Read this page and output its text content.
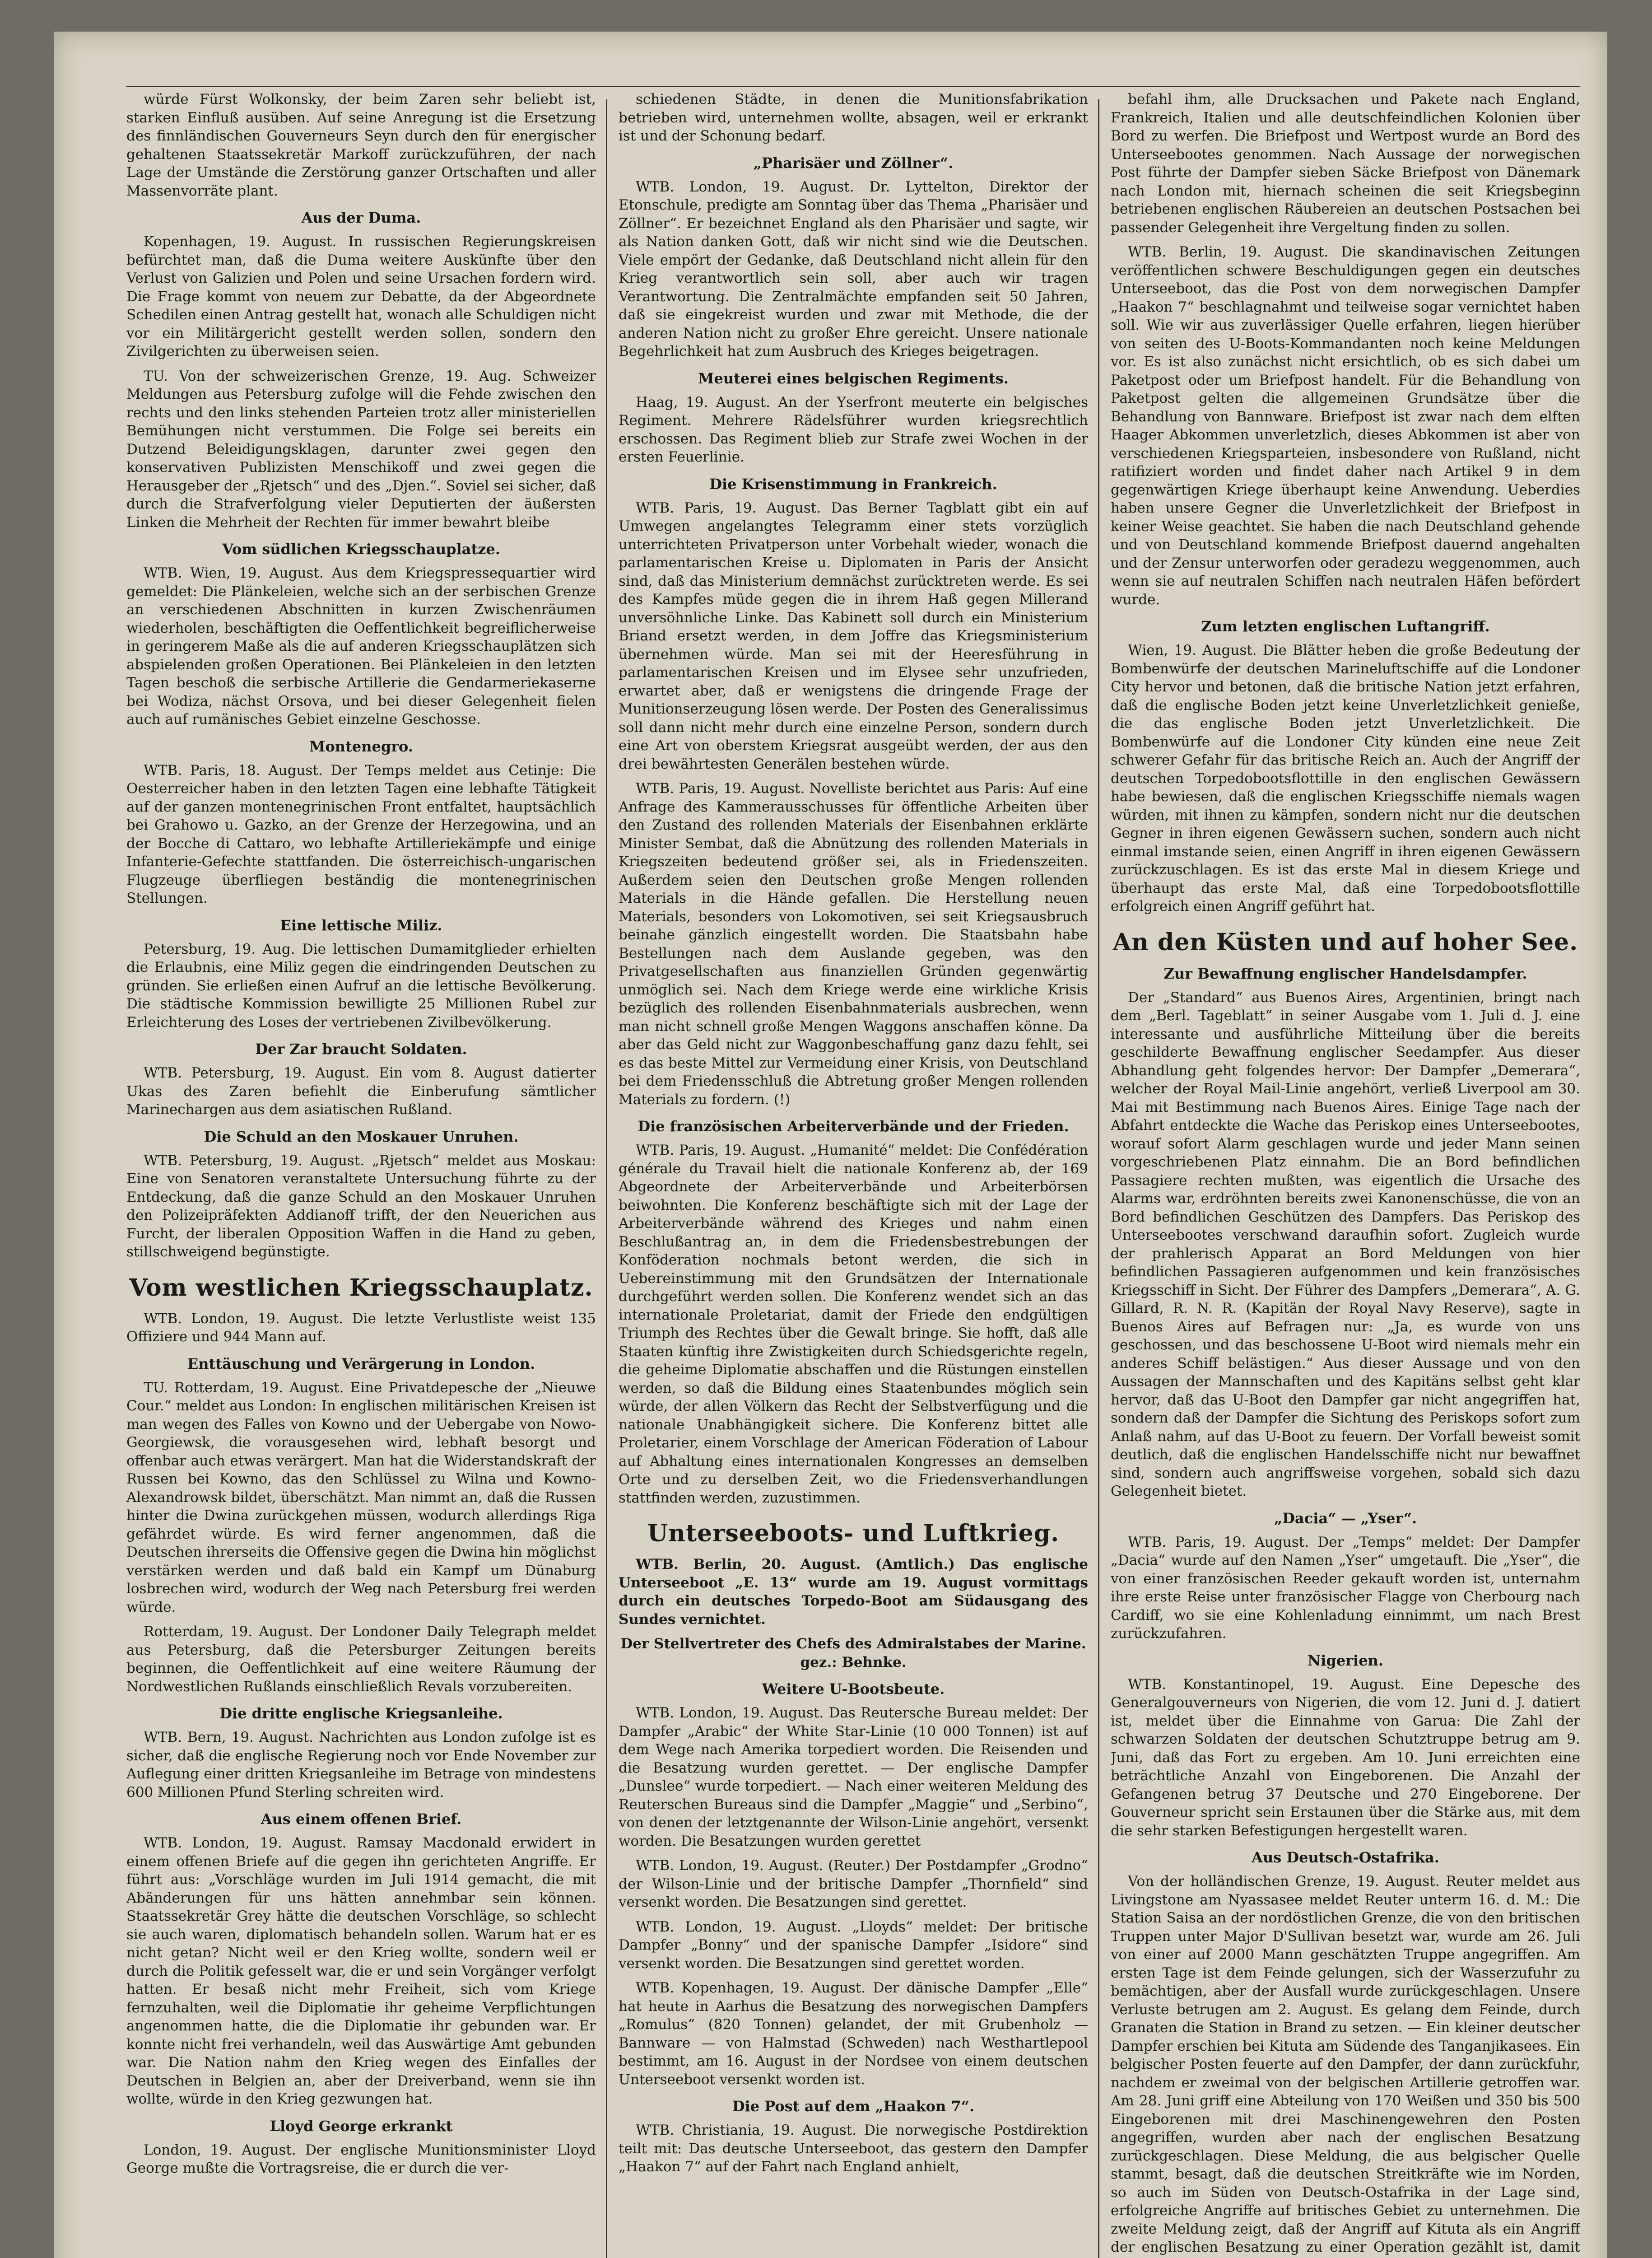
würde Fürst Wolkonsky, der beim Zaren sehr beliebt ist, starken Einfluß ausüben. Auf seine Anregung ist die Ersetzung des finnländischen Gouverneurs Seyn durch den für energischer gehaltenen Staatssekretär Markoff zurückzuführen, der nach Lage der Umstände die Zerstörung ganzer Ortschaften und aller Massenvorräte plant.

Aus der Duma.

Kopenhagen, 19. August. In russischen Regierungskreisen befürchtet man, daß die Duma weitere Auskünfte über den Verlust von Galizien und Polen und seine Ursachen fordern wird. Die Frage kommt von neuem zur Debatte, da der Abgeordnete Schedilen einen Antrag gestellt hat, wonach alle Schuldigen nicht vor ein Militärgericht gestellt werden sollen, sondern den Zivilgerichten zu überweisen seien.

TU. Von der schweizerischen Grenze, 19. Aug. Schweizer Meldungen aus Petersburg zufolge will die Fehde zwischen den rechts und den links stehenden Parteien trotz aller ministeriellen Bemühungen nicht verstummen. Die Folge sei bereits ein Dutzend Beleidigungsklagen, darunter zwei gegen den konservativen Publizisten Menschikoff und zwei gegen die Herausgeber der „Rjetsch“ und des „Djen.“. Soviel sei sicher, daß durch die Strafverfolgung vieler Deputierten der äußersten Linken die Mehrheit der Rechten für immer bewahrt bleibe

Vom südlichen Kriegsschauplatze.

WTB. Wien, 19. August. Aus dem Kriegspressequartier wird gemeldet: Die Plänkeleien, welche sich an der serbischen Grenze an verschiedenen Abschnitten in kurzen Zwischenräumen wiederholen, beschäftigten die Oeffentlichkeit begreiflicherweise in geringerem Maße als die auf anderen Kriegsschauplätzen sich abspielenden großen Operationen. Bei Plänkeleien in den letzten Tagen beschoß die serbische Artillerie die Gendarmeriekaserne bei Wodiza, nächst Orsova, und bei dieser Gelegenheit fielen auch auf rumänisches Gebiet einzelne Geschosse.

Montenegro.

WTB. Paris, 18. August. Der Temps meldet aus Cetinje: Die Oesterreicher haben in den letzten Tagen eine lebhafte Tätigkeit auf der ganzen montenegrinischen Front entfaltet, hauptsächlich bei Grahowo u. Gazko, an der Grenze der Herzegowina, und an der Bocche di Cattaro, wo lebhafte Artilleriekämpfe und einige Infanterie-Gefechte stattfanden. Die österreichisch-ungarischen Flugzeuge überfliegen beständig die montenegrinischen Stellungen.

Eine lettische Miliz.

Petersburg, 19. Aug. Die lettischen Dumamitglieder erhielten die Erlaubnis, eine Miliz gegen die eindringenden Deutschen zu gründen. Sie erließen einen Aufruf an die lettische Bevölkerung. Die städtische Kommission bewilligte 25 Millionen Rubel zur Erleichterung des Loses der vertriebenen Zivilbevölkerung.

Der Zar braucht Soldaten.

WTB. Petersburg, 19. August. Ein vom 8. August datierter Ukas des Zaren befiehlt die Einberufung sämtlicher Marinechargen aus dem asiatischen Rußland.

Die Schuld an den Moskauer Unruhen.

WTB. Petersburg, 19. August. „Rjetsch“ meldet aus Moskau: Eine von Senatoren veranstaltete Untersuchung führte zu der Entdeckung, daß die ganze Schuld an den Moskauer Unruhen den Polizeipräfekten Addianoff trifft, der den Neuerichen aus Furcht, der liberalen Opposition Waffen in die Hand zu geben, stillschweigend begünstigte.

Vom westlichen Kriegsschauplatz.

WTB. London, 19. August. Die letzte Verlustliste weist 135 Offiziere und 944 Mann auf.

Enttäuschung und Verärgerung in London.

TU. Rotterdam, 19. August. Eine Privatdepesche der „Nieuwe Cour.“ meldet aus London: In englischen militärischen Kreisen ist man wegen des Falles von Kowno und der Uebergabe von Nowo-Georgiewsk, die vorausgesehen wird, lebhaft besorgt und offenbar auch etwas verärgert. Man hat die Widerstandskraft der Russen bei Kowno, das den Schlüssel zu Wilna und Kowno-Alexandrowsk bildet, überschätzt. Man nimmt an, daß die Russen hinter die Dwina zurückgehen müssen, wodurch allerdings Riga gefährdet würde. Es wird ferner angenommen, daß die Deutschen ihrerseits die Offensive gegen die Dwina hin möglichst verstärken werden und daß bald ein Kampf um Dünaburg losbrechen wird, wodurch der Weg nach Petersburg frei werden würde.

Rotterdam, 19. August. Der Londoner Daily Telegraph meldet aus Petersburg, daß die Petersburger Zeitungen bereits beginnen, die Oeffentlichkeit auf eine weitere Räumung der Nordwestlichen Rußlands einschließlich Revals vorzubereiten.

Die dritte englische Kriegsanleihe.

WTB. Bern, 19. August. Nachrichten aus London zufolge ist es sicher, daß die englische Regierung noch vor Ende November zur Auflegung einer dritten Kriegsanleihe im Betrage von mindestens 600 Millionen Pfund Sterling schreiten wird.

Aus einem offenen Brief.

WTB. London, 19. August. Ramsay Macdonald erwidert in einem offenen Briefe auf die gegen ihn gerichteten Angriffe. Er führt aus: „Vorschläge wurden im Juli 1914 gemacht, die mit Abänderungen für uns hätten annehmbar sein können. Staatssekretär Grey hätte die deutschen Vorschläge, so schlecht sie auch waren, diplomatisch behandeln sollen. Warum hat er es nicht getan? Nicht weil er den Krieg wollte, sondern weil er durch die Politik gefesselt war, die er und sein Vorgänger verfolgt hatten. Er besaß nicht mehr Freiheit, sich vom Kriege fernzuhalten, weil die Diplomatie ihr geheime Verpflichtungen angenommen hatte, die die Diplomatie ihr gebunden war. Er konnte nicht frei verhandeln, weil das Auswärtige Amt gebunden war. Die Nation nahm den Krieg wegen des Einfalles der Deutschen in Belgien an, aber der Dreiverband, wenn sie ihn wollte, würde in den Krieg gezwungen hat.

Lloyd George erkrankt

London, 19. August. Der englische Munitionsminister Lloyd George mußte die Vortragsreise, die er durch die ver-

schiedenen Städte, in denen die Munitionsfabrikation betrieben wird, unternehmen wollte, absagen, weil er erkrankt ist und der Schonung bedarf.

„Pharisäer und Zöllner“.

WTB. London, 19. August. Dr. Lyttelton, Direktor der Etonschule, predigte am Sonntag über das Thema „Pharisäer und Zöllner“. Er bezeichnet England als den Pharisäer und sagte, wir als Nation danken Gott, daß wir nicht sind wie die Deutschen. Viele empört der Gedanke, daß Deutschland nicht allein für den Krieg verantwortlich sein soll, aber auch wir tragen Verantwortung. Die Zentralmächte empfanden seit 50 Jahren, daß sie eingekreist wurden und zwar mit Methode, die der anderen Nation nicht zu großer Ehre gereicht. Unsere nationale Begehrlichkeit hat zum Ausbruch des Krieges beigetragen.

Meuterei eines belgischen Regiments.

Haag, 19. August. An der Yserfront meuterte ein belgisches Regiment. Mehrere Rädelsführer wurden kriegsrechtlich erschossen. Das Regiment blieb zur Strafe zwei Wochen in der ersten Feuerlinie.

Die Krisenstimmung in Frankreich.

WTB. Paris, 19. August. Das Berner Tagblatt gibt ein auf Umwegen angelangtes Telegramm einer stets vorzüglich unterrichteten Privatperson unter Vorbehalt wieder, wonach die parlamentarischen Kreise u. Diplomaten in Paris der Ansicht sind, daß das Ministerium demnächst zurücktreten werde. Es sei des Kampfes müde gegen die in ihrem Haß gegen Millerand unversöhnliche Linke. Das Kabinett soll durch ein Ministerium Briand ersetzt werden, in dem Joffre das Kriegsministerium übernehmen würde. Man sei mit der Heeresführung in parlamentarischen Kreisen und im Elysee sehr unzufrieden, erwartet aber, daß er wenigstens die dringende Frage der Munitionserzeugung lösen werde. Der Posten des Generalissimus soll dann nicht mehr durch eine einzelne Person, sondern durch eine Art von oberstem Kriegsrat ausgeübt werden, der aus den drei bewährtesten Generälen bestehen würde.

WTB. Paris, 19. August. Novelliste berichtet aus Paris: Auf eine Anfrage des Kammerausschusses für öffentliche Arbeiten über den Zustand des rollenden Materials der Eisenbahnen erklärte Minister Sembat, daß die Abnützung des rollenden Materials in Kriegszeiten bedeutend größer sei, als in Friedenszeiten. Außerdem seien den Deutschen große Mengen rollenden Materials in die Hände gefallen. Die Herstellung neuen Materials, besonders von Lokomotiven, sei seit Kriegsausbruch beinahe gänzlich eingestellt worden. Die Staatsbahn habe Bestellungen nach dem Auslande gegeben, was den Privatgesellschaften aus finanziellen Gründen gegenwärtig unmöglich sei. Nach dem Kriege werde eine wirkliche Krisis bezüglich des rollenden Eisenbahnmaterials ausbrechen, wenn man nicht schnell große Mengen Waggons anschaffen könne. Da aber das Geld nicht zur Waggonbeschaffung ganz dazu fehlt, sei es das beste Mittel zur Vermeidung einer Krisis, von Deutschland bei dem Friedensschluß die Abtretung großer Mengen rollenden Materials zu fordern. (!)

Die französischen Arbeiterverbände und der Frieden.

WTB. Paris, 19. August. „Humanité“ meldet: Die Confédération générale du Travail hielt die nationale Konferenz ab, der 169 Abgeordnete der Arbeiterverbände und Arbeiterbörsen beiwohnten. Die Konferenz beschäftigte sich mit der Lage der Arbeiterverbände während des Krieges und nahm einen Beschlußantrag an, in dem die Friedensbestrebungen der Konföderation nochmals betont werden, die sich in Uebereinstimmung mit den Grundsätzen der Internationale durchgeführt werden sollen. Die Konferenz wendet sich an das internationale Proletariat, damit der Friede den endgültigen Triumph des Rechtes über die Gewalt bringe. Sie hofft, daß alle Staaten künftig ihre Zwistigkeiten durch Schiedsgerichte regeln, die geheime Diplomatie abschaffen und die Rüstungen einstellen werden, so daß die Bildung eines Staatenbundes möglich sein würde, der allen Völkern das Recht der Selbstverfügung und die nationale Unabhängigkeit sichere. Die Konferenz bittet alle Proletarier, einem Vorschlage der American Föderation of Labour auf Abhaltung eines internationalen Kongresses an demselben Orte und zu derselben Zeit, wo die Friedensverhandlungen stattfinden werden, zuzustimmen.

Unterseeboots- und Luftkrieg.

WTB. Berlin, 20. August. (Amtlich.) Das englische Unterseeboot „E. 13“ wurde am 19. August vormittags durch ein deutsches Torpedo-Boot am Südausgang des Sundes vernichtet.

Der Stellvertreter des Chefs des Admiralstabes der Marine. gez.: Behnke.

Weitere U-Bootsbeute.

WTB. London, 19. August. Das Reutersche Bureau meldet: Der Dampfer „Arabic“ der White Star-Linie (10 000 Tonnen) ist auf dem Wege nach Amerika torpediert worden. Die Reisenden und die Besatzung wurden gerettet. — Der englische Dampfer „Dunslee“ wurde torpediert. — Nach einer weiteren Meldung des Reuterschen Bureaus sind die Dampfer „Maggie“ und „Serbino“, von denen der letztgenannte der Wilson-Linie angehört, versenkt worden. Die Besatzungen wurden gerettet

WTB. London, 19. August. (Reuter.) Der Postdampfer „Grodno“ der Wilson-Linie und der britische Dampfer „Thornfield“ sind versenkt worden. Die Besatzungen sind gerettet.

WTB. London, 19. August. „Lloyds“ meldet: Der britische Dampfer „Bonny“ und der spanische Dampfer „Isidore“ sind versenkt worden. Die Besatzungen sind gerettet worden.

WTB. Kopenhagen, 19. August. Der dänische Dampfer „Elle“ hat heute in Aarhus die Besatzung des norwegischen Dampfers „Romulus“ (820 Tonnen) gelandet, der mit Grubenholz — Bannware — von Halmstad (Schweden) nach Westhartlepool bestimmt, am 16. August in der Nordsee von einem deutschen Unterseeboot versenkt worden ist.

Die Post auf dem „Haakon 7“.

WTB. Christiania, 19. August. Die norwegische Postdirektion teilt mit: Das deutsche Unterseeboot, das gestern den Dampfer „Haakon 7“ auf der Fahrt nach England anhielt,

befahl ihm, alle Drucksachen und Pakete nach England, Frankreich, Italien und alle deutschfeindlichen Kolonien über Bord zu werfen. Die Briefpost und Wertpost wurde an Bord des Unterseebootes genommen. Nach Aussage der norwegischen Post führte der Dampfer sieben Säcke Briefpost von Dänemark nach London mit, hiernach scheinen die seit Kriegsbeginn betriebenen englischen Räubereien an deutschen Postsachen bei passender Gelegenheit ihre Vergeltung finden zu sollen.

WTB. Berlin, 19. August. Die skandinavischen Zeitungen veröffentlichen schwere Beschuldigungen gegen ein deutsches Unterseeboot, das die Post von dem norwegischen Dampfer „Haakon 7“ beschlagnahmt und teilweise sogar vernichtet haben soll. Wie wir aus zuverlässiger Quelle erfahren, liegen hierüber von seiten des U-Boots-Kommandanten noch keine Meldungen vor. Es ist also zunächst nicht ersichtlich, ob es sich dabei um Paketpost oder um Briefpost handelt. Für die Behandlung von Paketpost gelten die allgemeinen Grundsätze über die Behandlung von Bannware. Briefpost ist zwar nach dem elften Haager Abkommen unverletzlich, dieses Abkommen ist aber von verschiedenen Kriegsparteien, insbesondere von Rußland, nicht ratifiziert worden und findet daher nach Artikel 9 in dem gegenwärtigen Kriege überhaupt keine Anwendung. Ueberdies haben unsere Gegner die Unverletzlichkeit der Briefpost in keiner Weise geachtet. Sie haben die nach Deutschland gehende und von Deutschland kommende Briefpost dauernd angehalten und der Zensur unterworfen oder geradezu weggenommen, auch wenn sie auf neutralen Schiffen nach neutralen Häfen befördert wurde.

Zum letzten englischen Luftangriff.

Wien, 19. August. Die Blätter heben die große Bedeutung der Bombenwürfe der deutschen Marineluftschiffe auf die Londoner City hervor und betonen, daß die britische Nation jetzt erfahren, daß die englische Boden jetzt keine Unverletzlichkeit genieße, die das englische Boden jetzt Unverletzlichkeit. Die Bombenwürfe auf die Londoner City künden eine neue Zeit schwerer Gefahr für das britische Reich an. Auch der Angriff der deutschen Torpedobootsflottille in den englischen Gewässern habe bewiesen, daß die englischen Kriegsschiffe niemals wagen würden, mit ihnen zu kämpfen, sondern nicht nur die deutschen Gegner in ihren eigenen Gewässern suchen, sondern auch nicht einmal imstande seien, einen Angriff in ihren eigenen Gewässern zurückzuschlagen. Es ist das erste Mal in diesem Kriege und überhaupt das erste Mal, daß eine Torpedobootsflottille erfolgreich einen Angriff geführt hat.

An den Küsten und auf hoher See.
Zur Bewaffnung englischer Handelsdampfer.

Der „Standard“ aus Buenos Aires, Argentinien, bringt nach dem „Berl. Tageblatt“ in seiner Ausgabe vom 1. Juli d. J. eine interessante und ausführliche Mitteilung über die bereits geschilderte Bewaffnung englischer Seedampfer. Aus dieser Abhandlung geht folgendes hervor: Der Dampfer „Demerara“, welcher der Royal Mail-Linie angehört, verließ Liverpool am 30. Mai mit Bestimmung nach Buenos Aires. Einige Tage nach der Abfahrt entdeckte die Wache das Periskop eines Unterseebootes, worauf sofort Alarm geschlagen wurde und jeder Mann seinen vorgeschriebenen Platz einnahm. Die an Bord befindlichen Passagiere rechten mußten, was eigentlich die Ursache des Alarms war, erdröhnten bereits zwei Kanonenschüsse, die von an Bord befindlichen Geschützen des Dampfers. Das Periskop des Unterseebootes verschwand daraufhin sofort. Zugleich wurde der prahlerisch Apparat an Bord Meldungen von hier befindlichen Passagieren aufgenommen und kein französisches Kriegsschiff in Sicht. Der Führer des Dampfers „Demerara“, A. G. Gillard, R. N. R. (Kapitän der Royal Navy Reserve), sagte in Buenos Aires auf Befragen nur: „Ja, es wurde von uns geschossen, und das beschossene U-Boot wird niemals mehr ein anderes Schiff belästigen.“ Aus dieser Aussage und von den Aussagen der Mannschaften und des Kapitäns selbst geht klar hervor, daß das U-Boot den Dampfer gar nicht angegriffen hat, sondern daß der Dampfer die Sichtung des Periskops sofort zum Anlaß nahm, auf das U-Boot zu feuern. Der Vorfall beweist somit deutlich, daß die englischen Handelsschiffe nicht nur bewaffnet sind, sondern auch angriffsweise vorgehen, sobald sich dazu Gelegenheit bietet.

„Dacia“ — „Yser“.

WTB. Paris, 19. August. Der „Temps“ meldet: Der Dampfer „Dacia“ wurde auf den Namen „Yser“ umgetauft. Die „Yser“, die von einer französischen Reeder gekauft worden ist, unternahm ihre erste Reise unter französischer Flagge von Cherbourg nach Cardiff, wo sie eine Kohlenladung einnimmt, um nach Brest zurückzufahren.

Nigerien.

WTB. Konstantinopel, 19. August. Eine Depesche des Generalgouverneurs von Nigerien, die vom 12. Juni d. J. datiert ist, meldet über die Einnahme von Garua: Die Zahl der schwarzen Soldaten der deutschen Schutztruppe betrug am 9. Juni, daß das Fort zu ergeben. Am 10. Juni erreichten eine beträchtliche Anzahl von Eingeborenen. Die Anzahl der Gefangenen betrug 37 Deutsche und 270 Eingeborene. Der Gouverneur spricht sein Erstaunen über die Stärke aus, mit dem die sehr starken Befestigungen hergestellt waren.

Aus Deutsch-Ostafrika.

Von der holländischen Grenze, 19. August. Reuter meldet aus Livingstone am Nyassasee meldet Reuter unterm 16. d. M.: Die Station Saisa an der nordöstlichen Grenze, die von den britischen Truppen unter Major D'Sullivan besetzt war, wurde am 26. Juli von einer auf 2000 Mann geschätzten Truppe angegriffen. Am ersten Tage ist dem Feinde gelungen, sich der Wasserzufuhr zu bemächtigen, aber der Ausfall wurde zurückgeschlagen. Unsere Verluste betrugen am 2. August. Es gelang dem Feinde, durch Granaten die Station in Brand zu setzen. — Ein kleiner deutscher Dampfer erschien bei Kituta am Südende des Tanganjikasees. Ein belgischer Posten feuerte auf den Dampfer, der dann zurückfuhr, nachdem er zweimal von der belgischen Artillerie getroffen war. Am 28. Juni griff eine Abteilung von 170 Weißen und 350 bis 500 Eingeborenen mit drei Maschinengewehren den Posten angegriffen, wurden aber nach der englischen Besatzung zurückgeschlagen. Diese Meldung, die aus belgischer Quelle stammt, besagt, daß die deutschen Streitkräfte wie im Norden, so auch im Süden von Deutsch-Ostafrika in der Lage sind, erfolgreiche Angriffe auf britisches Gebiet zu unternehmen. Die zweite Meldung zeigt, daß der Angriff auf Kituta als ein Angriff der englischen Besatzung zu einer Operation gezählt ist, damit
